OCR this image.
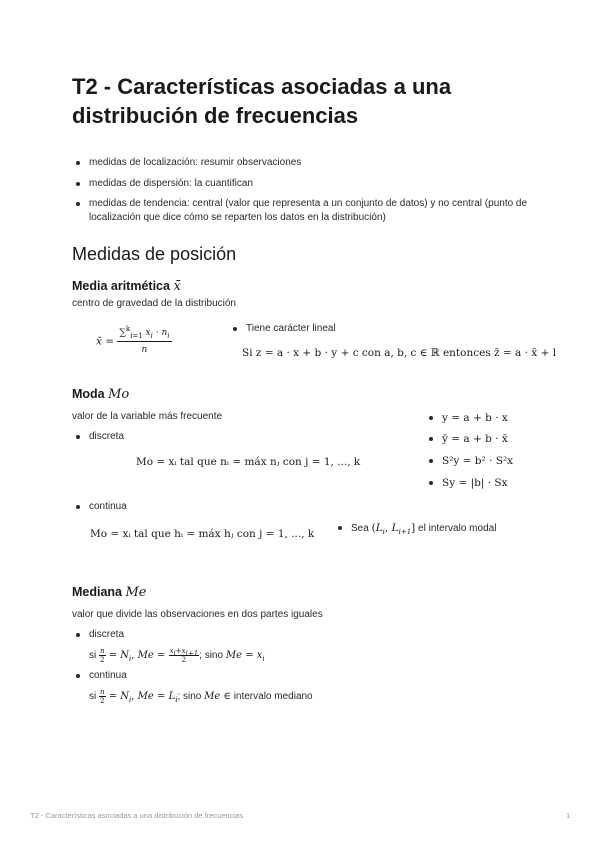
T2 - Características asociadas a una distribución de frecuencias
medidas de localización: resumir observaciones
medidas de dispersión: la cuantifican
medidas de tendencia: central (valor que representa a un conjunto de datos) y no central (punto de localización que dice cómo se reparten los datos en la distribución)
Medidas de posición
Media aritmética x̄
centro de gravedad de la distribución
x̄ = $\frac{\sum^k_{i=1} x_i \cdot n_i}{n}$	Tiene carácter lineal
Si z = a · x + b · y + c con a, b, c ∈ ℝ entonces z̄ = a · x̄ + l
Moda Mo
valor de la variable más frecuente
discreta
Mo = xᵢ tal que nᵢ = máx nⱼ con j = 1, ..., k
y = a + b · x
ȳ = a + b · x̄
S²y = b² · S²x
Sy = |b| · Sx
continua
Mo = xᵢ tal que hᵢ = máx hⱼ con j = 1, ..., k	Sea ($L_i$, $L_{i+1}$] el intervalo modal
Mediana Me
valor que divide las observaciones en dos partes iguales
discreta
si $\frac{n}{2} = N_i$, $Me = \frac{x_i+x_{i+1}}{2}$ ; sino $Me = x_i$
continua
si $\frac{n}{2} = N_i$, $Me = L_i$; sino Me ∈ intervalo mediano
T2 - Características asociadas a una distribución de frecuencias	1
